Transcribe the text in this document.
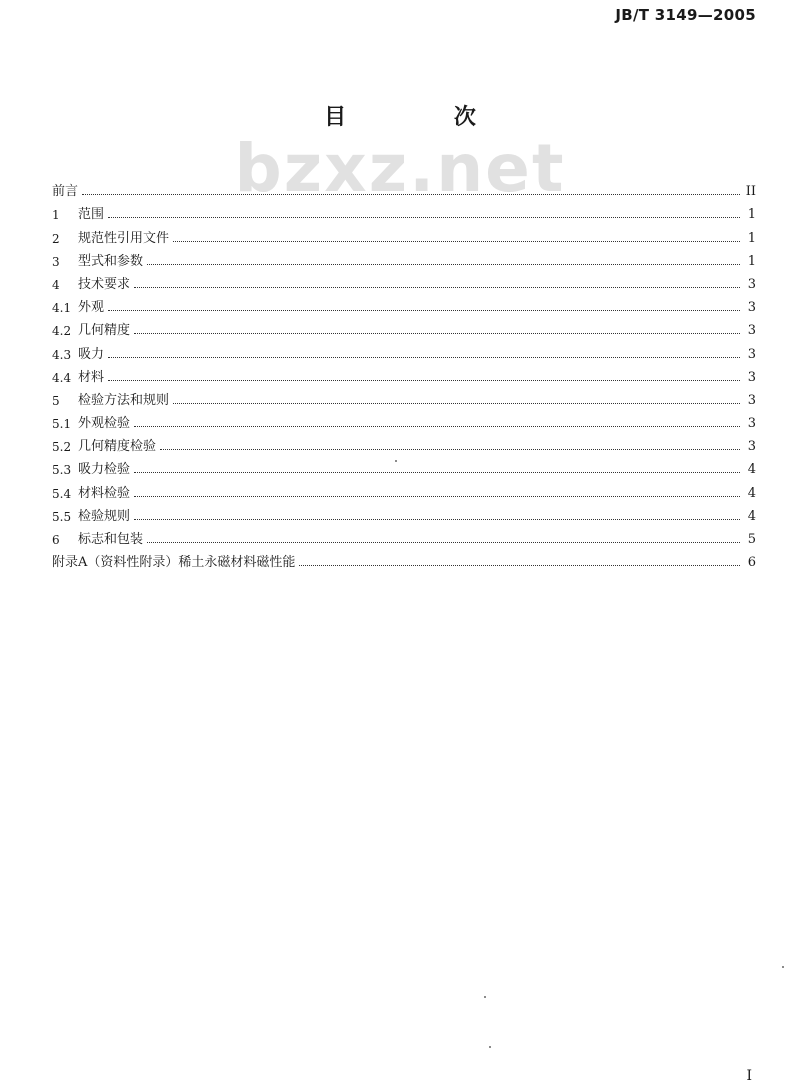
JB/T 3149—2005
bzxz.net
目 次
前言	II
1	范围	1
2	规范性引用文件	1
3	型式和参数	1
4	技术要求	3
4.1 外观	3
4.2 几何精度	3
4.3 吸力	3
4.4 材料	3
5	检验方法和规则	3
5.1 外观检验	3
5.2 几何精度检验	3
5.3 吸力检验	4
5.4 材料检验	4
5.5 检验规则	4
6	标志和包装	5
附录A（资料性附录）稀土永磁材料磁性能	6
I
